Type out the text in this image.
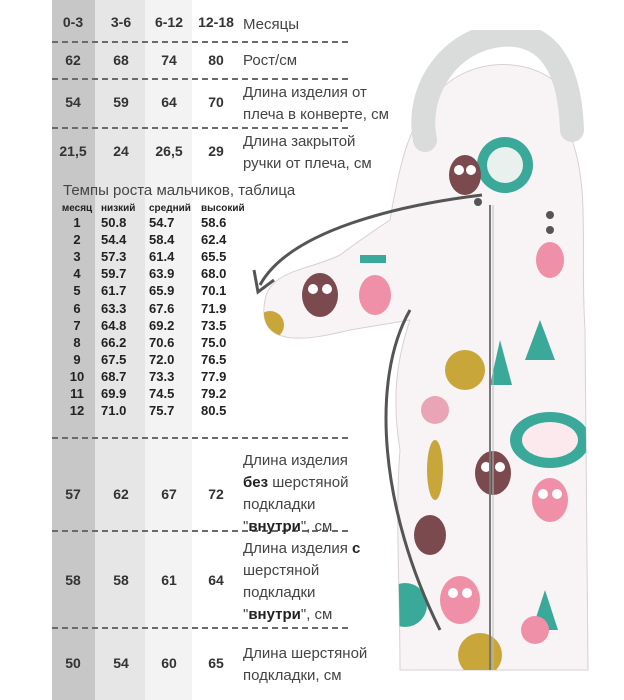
0-3	3-6	6-12	12-18 Месяцы
62	68	74	80	Рост/см
54	59	64	70
Длина изделия от
плеча в конверте, см
21,5	24	26,5	29
Длина закрытой
ручки от плеча, см
Темпы роста мальчиков, таблица
месяц низкий	средний	высокий
1	50.8	54.7	58.6
2	54.4	58.4	62.4
3	57.3	61.4	65.5
4	59.7	63.9	68.0
5	61.7	65.9	70.1
6	63.3	67.6	71.9
7	64.8	69.2	73.5
8	66.2	70.6	75.0
9	67.5	72.0	76.5
10	68.7	73.3	77.9
11	69.9	74.5	79.2
12	71.0	75.7	80.5
57	62	67	72
Длина изделия
без шерстяной
подкладки
"внутри", см
58	58	61	64
Длина изделия с
шерстяной
подкладки
"внутри", см
50	54	60	65
Длина шерстяной
подкладки, см
